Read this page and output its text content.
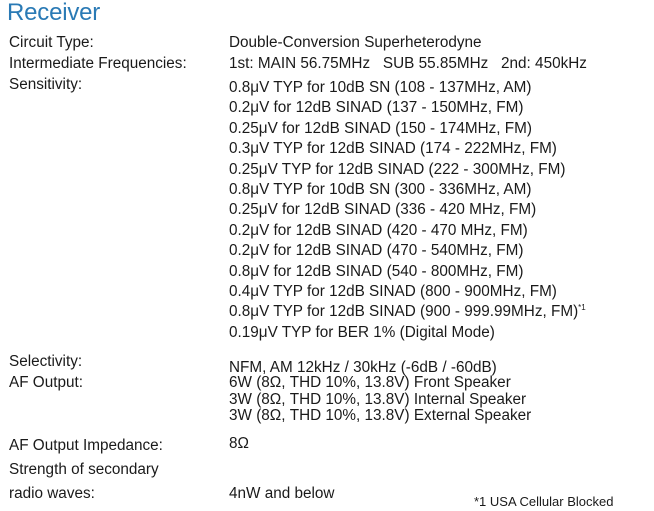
Receiver
Circuit Type:	Double-Conversion Superheterodyne
Intermediate Frequencies:	1st: MAIN 56.75MHz   SUB 55.85MHz   2nd: 450kHz
Sensitivity:	0.8μV TYP for 10dB SN (108 - 137MHz, AM)
0.2μV for 12dB SINAD (137 - 150MHz, FM)
0.25μV for 12dB SINAD (150 - 174MHz, FM)
0.3μV TYP for 12dB SINAD (174 - 222MHz, FM)
0.25μV TYP for 12dB SINAD (222 - 300MHz, FM)
0.8μV TYP for 10dB SN (300 - 336MHz, AM)
0.25μV for 12dB SINAD (336 - 420 MHz, FM)
0.2μV for 12dB SINAD (420 - 470 MHz, FM)
0.2μV for 12dB SINAD (470 - 540MHz, FM)
0.8μV for 12dB SINAD (540 - 800MHz, FM)
0.4μV TYP for 12dB SINAD (800 - 900MHz, FM)
0.8μV TYP for 12dB SINAD (900 - 999.99MHz, FM)$^{*1}$
0.19μV TYP for BER 1% (Digital Mode)
Selectivity:	NFM, AM 12kHz / 30kHz (-6dB / -60dB)
AF Output:	6W (8Ω, THD 10%, 13.8V) Front Speaker
3W (8Ω, THD 10%, 13.8V) Internal Speaker
3W (8Ω, THD 10%, 13.8V) External Speaker
AF Output Impedance:	8Ω
Strength of secondary
radio waves:	4nW and below	*1 USA Cellular Blocked
